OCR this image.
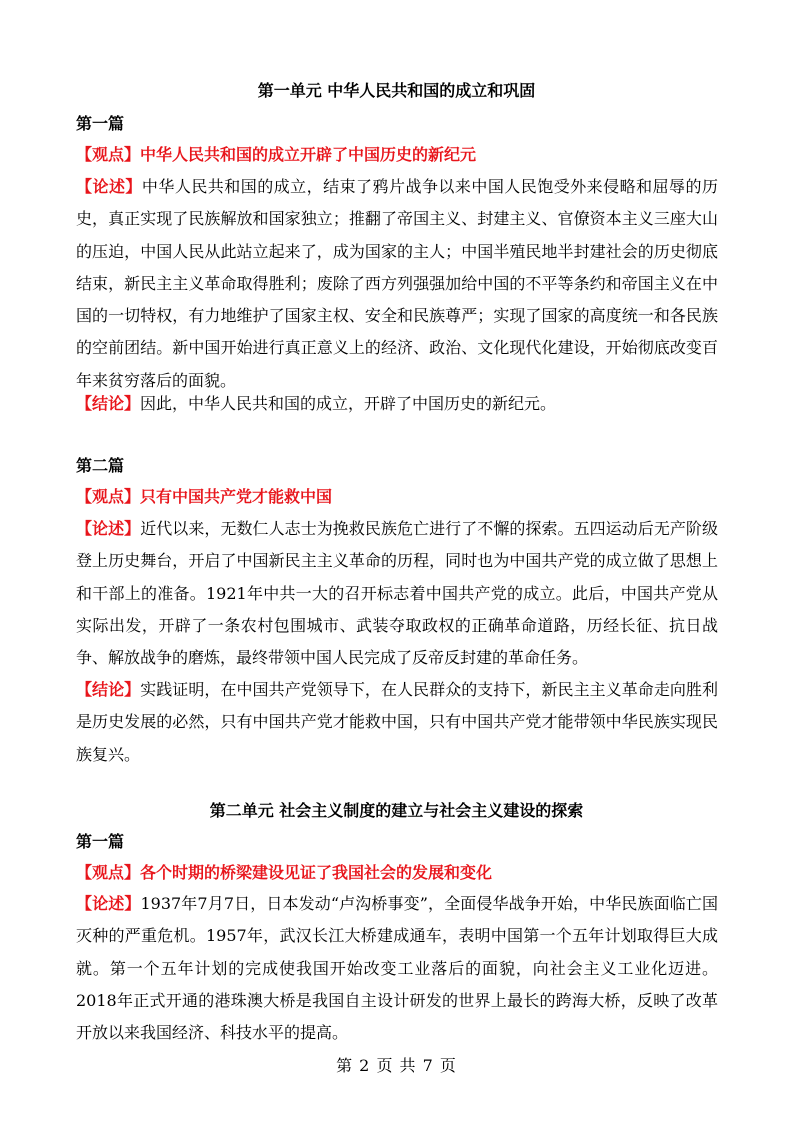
第一单元 中华人民共和国的成立和巩固
第一篇

【观点】中华人民共和国的成立开辟了中国历史的新纪元

【论述】中华人民共和国的成立，结束了鸦片战争以来中国人民饱受外来侵略和屈辱的历史，真正实现了民族解放和国家独立；推翻了帝国主义、封建主义、官僚资本主义三座大山的压迫，中国人民从此站立起来了，成为国家的主人；中国半殖民地半封建社会的历史彻底结束，新民主主义革命取得胜利；废除了西方列强强加给中国的不平等条约和帝国主义在中国的一切特权，有力地维护了国家主权、安全和民族尊严；实现了国家的高度统一和各民族的空前团结。新中国开始进行真正意义上的经济、政治、文化现代化建设，开始彻底改变百年来贫穷落后的面貌。

【结论】因此，中华人民共和国的成立，开辟了中国历史的新纪元。

第二篇

【观点】只有中国共产党才能救中国

【论述】近代以来，无数仁人志士为挽救民族危亡进行了不懈的探索。五四运动后无产阶级登上历史舞台，开启了中国新民主主义革命的历程，同时也为中国共产党的成立做了思想上和干部上的准备。1921年中共一大的召开标志着中国共产党的成立。此后，中国共产党从实际出发，开辟了一条农村包围城市、武装夺取政权的正确革命道路，历经长征、抗日战争、解放战争的磨炼，最终带领中国人民完成了反帝反封建的革命任务。

【结论】实践证明，在中国共产党领导下，在人民群众的支持下，新民主主义革命走向胜利是历史发展的必然，只有中国共产党才能救中国，只有中国共产党才能带领中华民族实现民族复兴。

第二单元 社会主义制度的建立与社会主义建设的探索
第一篇

【观点】各个时期的桥梁建设见证了我国社会的发展和变化

【论述】1937年7月7日，日本发动“卢沟桥事变”，全面侵华战争开始，中华民族面临亡国灭种的严重危机。1957年，武汉长江大桥建成通车，表明中国第一个五年计划取得巨大成就。第一个五年计划的完成使我国开始改变工业落后的面貌，向社会主义工业化迈进。2018年正式开通的港珠澳大桥是我国自主设计研发的世界上最长的跨海大桥，反映了改革开放以来我国经济、科技水平的提高。

第 2 页 共 7 页
